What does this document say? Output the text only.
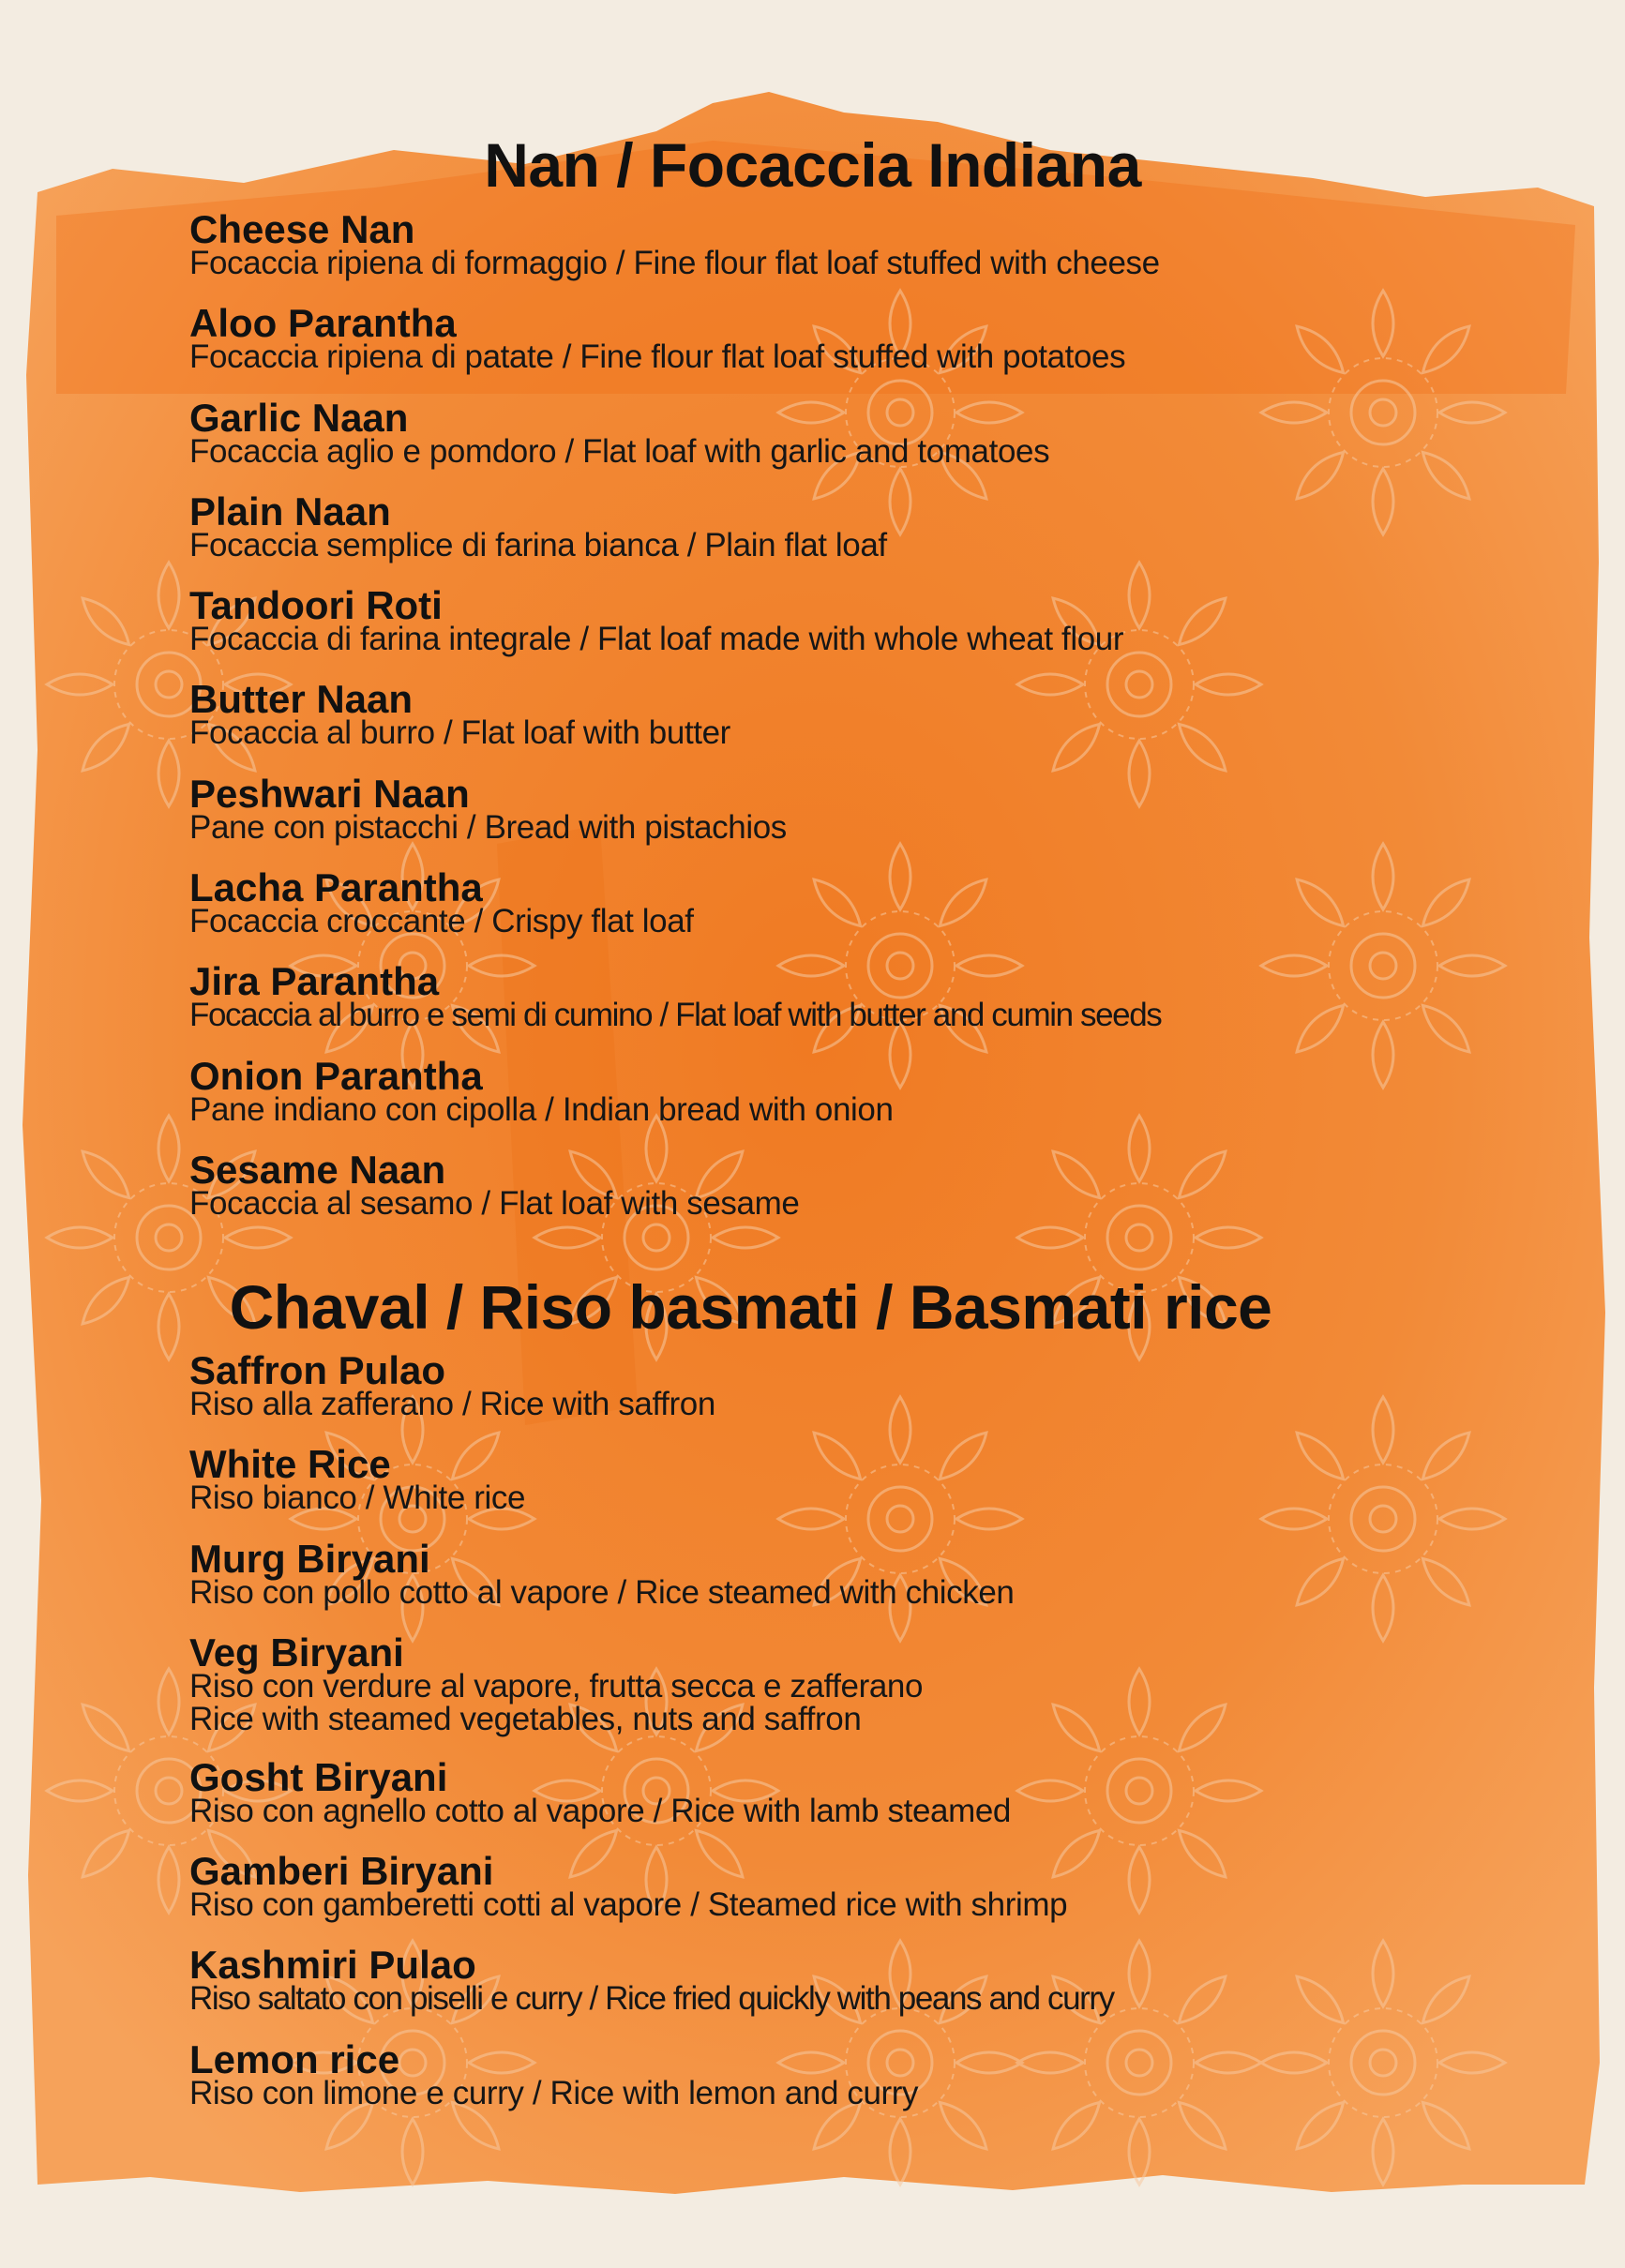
Nan / Focaccia Indiana
Cheese Nan
Focaccia ripiena di formaggio / Fine flour flat loaf stuffed with cheese
Aloo Parantha
Focaccia ripiena di patate / Fine flour flat loaf stuffed with potatoes
Garlic Naan
Focaccia aglio e pomdoro / Flat loaf with garlic and tomatoes
Plain Naan
Focaccia semplice di farina bianca / Plain flat loaf
Tandoori Roti
Focaccia di farina integrale / Flat loaf made with whole wheat flour
Butter Naan
Focaccia al burro / Flat loaf with butter
Peshwari Naan
Pane con pistacchi / Bread with pistachios
Lacha Parantha
Focaccia croccante / Crispy flat loaf
Jira Parantha
Focaccia al burro e semi di cumino / Flat loaf with butter and cumin seeds
Onion Parantha
Pane indiano con cipolla / Indian bread with onion
Sesame Naan
Focaccia al sesamo / Flat loaf with sesame
Chaval / Riso basmati / Basmati rice
Saffron Pulao
Riso alla zafferano / Rice with saffron
White Rice
Riso bianco / White rice
Murg Biryani
Riso con pollo cotto al vapore / Rice steamed with chicken
Veg Biryani
Riso con verdure al vapore, frutta secca e zafferano
Rice with steamed vegetables, nuts and saffron
Gosht Biryani
Riso con agnello cotto al vapore / Rice with lamb steamed
Gamberi Biryani
Riso con gamberetti cotti al vapore / Steamed rice with shrimp
Kashmiri Pulao
Riso saltato con piselli e curry / Rice fried quickly with peans and curry
Lemon rice
Riso con limone e curry / Rice with lemon and curry
